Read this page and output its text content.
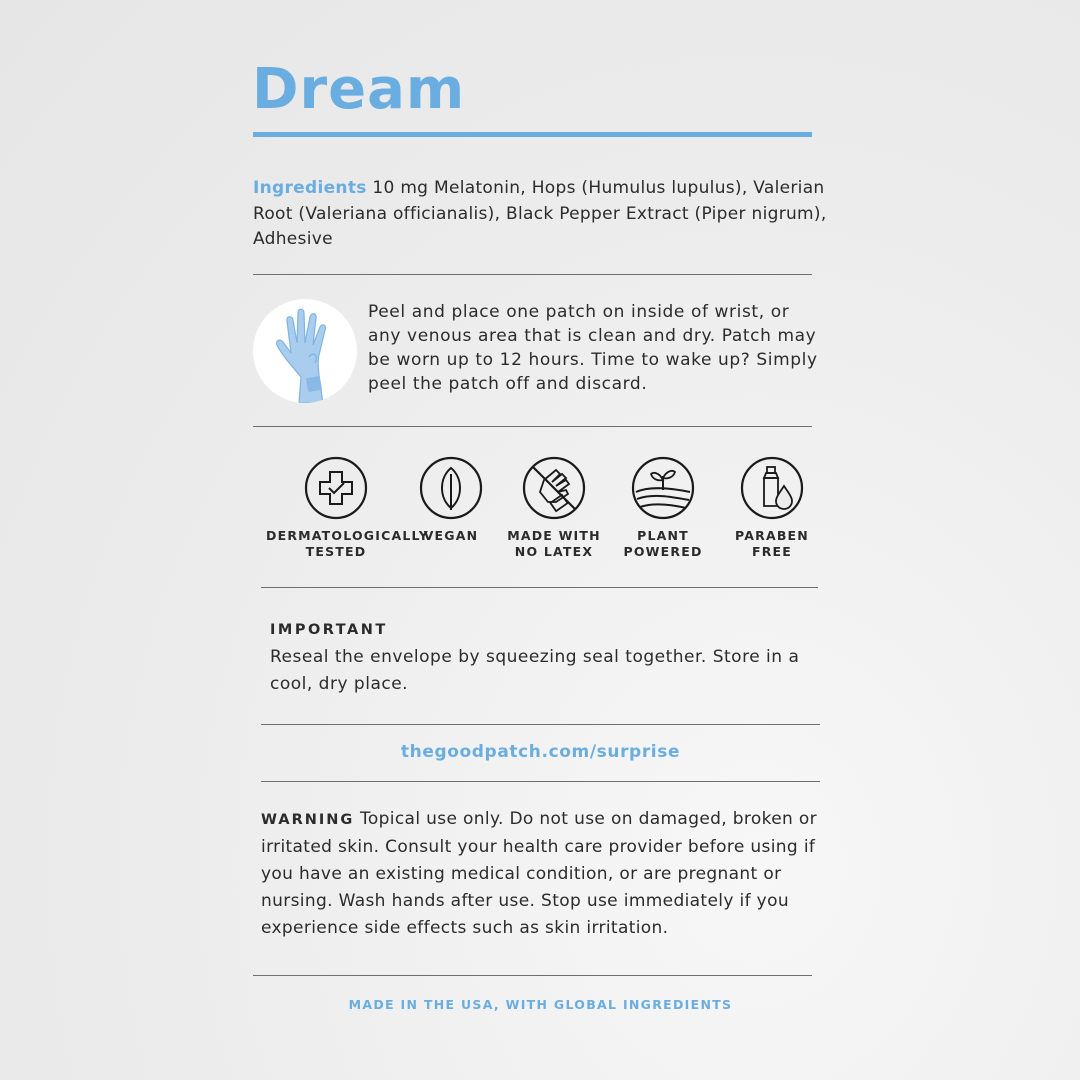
Dream
Ingredients 10 mg Melatonin, Hops (Humulus lupulus), Valerian Root (Valeriana officianalis), Black Pepper Extract (Piper nigrum), Adhesive
Peel and place one patch on inside of wrist, or any venous area that is clean and dry. Patch may be worn up to 12 hours. Time to wake up? Simply peel the patch off and discard.
DERMATOLOGICALLY
TESTED
VEGAN	MADE WITH
NO LATEX
PLANT
POWERED
PARABEN
FREE
IMPORTANT
Reseal the envelope by squeezing seal together. Store in a cool, dry place.
thegoodpatch.com/surprise
WARNING Topical use only. Do not use on damaged, broken or irritated skin. Consult your health care provider before using if you have an existing medical condition, or are pregnant or nursing. Wash hands after use. Stop use immediately if you experience side effects such as skin irritation.
MADE IN THE USA, WITH GLOBAL INGREDIENTS
